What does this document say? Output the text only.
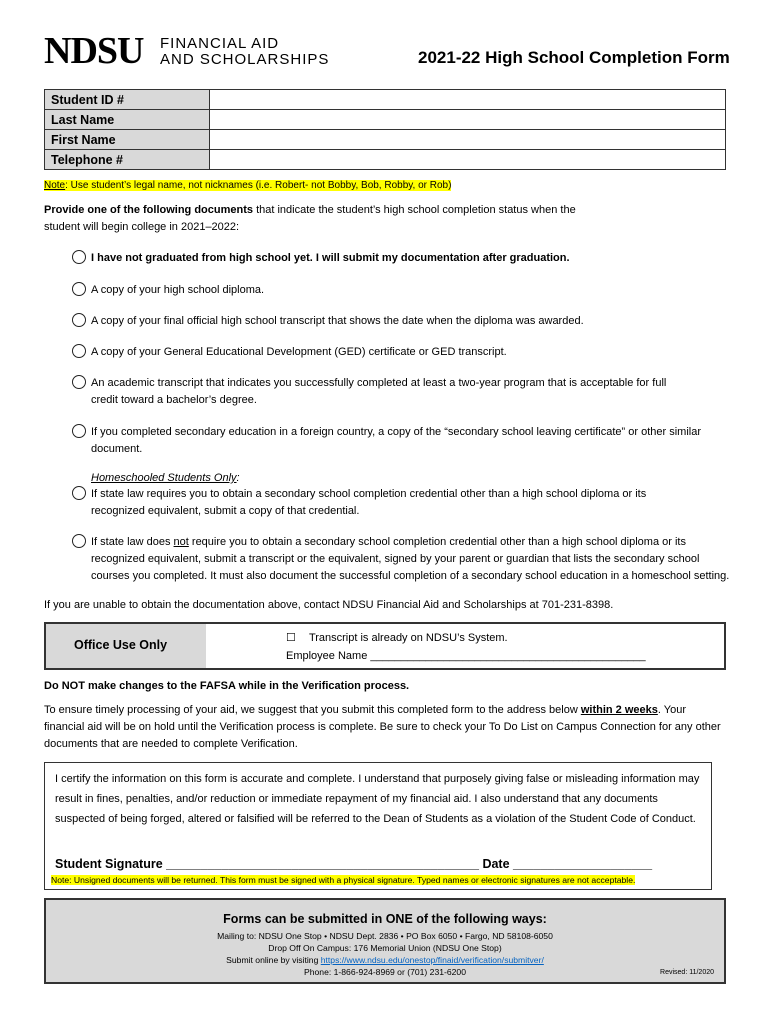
NDSU FINANCIAL AID
AND SCHOLARSHIPS	2021-22 High School Completion Form
Student ID #	
Last Name	
First Name	
Telephone #	
Note: Use student’s legal name, not nicknames (i.e. Robert- not Bobby, Bob, Robby, or Rob)
Provide one of the following documents that indicate the student’s high school completion status when the student will begin college in 2021–2022:
I have not graduated from high school yet. I will submit my documentation after graduation.
A copy of your high school diploma.
A copy of your final official high school transcript that shows the date when the diploma was awarded.
A copy of your General Educational Development (GED) certificate or GED transcript.
An academic transcript that indicates you successfully completed at least a two-year program that is acceptable for full credit toward a bachelor’s degree.
If you completed secondary education in a foreign country, a copy of the “secondary school leaving certificate” or other similar document.
Homeschooled Students Only:
If state law requires you to obtain a secondary school completion credential other than a high school diploma or its recognized equivalent, submit a copy of that credential.
If state law does not require you to obtain a secondary school completion credential other than a high school diploma or its recognized equivalent, submit a transcript or the equivalent, signed by your parent or guardian that lists the secondary school courses you completed. It must also document the successful completion of a secondary school education in a homeschool setting.
If you are unable to obtain the documentation above, contact NDSU Financial Aid and Scholarships at 701-231-8398.
Office Use Only	☐ Transcript is already on NDSU’s System.
Employee Name _____________________________________________
Do NOT make changes to the FAFSA while in the Verification process.
To ensure timely processing of your aid, we suggest that you submit this completed form to the address below within 2 weeks. Your financial aid will be on hold until the Verification process is complete. Be sure to check your To Do List on Campus Connection for any other documents that are needed to complete Verification.
I certify the information on this form is accurate and complete. I understand that purposely giving false or misleading information may result in fines, penalties, and/or reduction or immediate repayment of my financial aid. I also understand that any documents suspected of being forged, altered or falsified will be referred to the Dean of Students as a violation of the Student Code of Conduct.
Student Signature _____________________________________________ Date ____________________
Note: Unsigned documents will be returned. This form must be signed with a physical signature. Typed names or electronic signatures are not acceptable.
Forms can be submitted in ONE of the following ways:
Mailing to: NDSU One Stop • NDSU Dept. 2836 • PO Box 6050 • Fargo, ND 58108-6050
Drop Off On Campus: 176 Memorial Union (NDSU One Stop)
Submit online by visiting https://www.ndsu.edu/onestop/finaid/verification/submitver/
Phone: 1-866-924-8969 or (701) 231-6200	Revised: 11/2020
